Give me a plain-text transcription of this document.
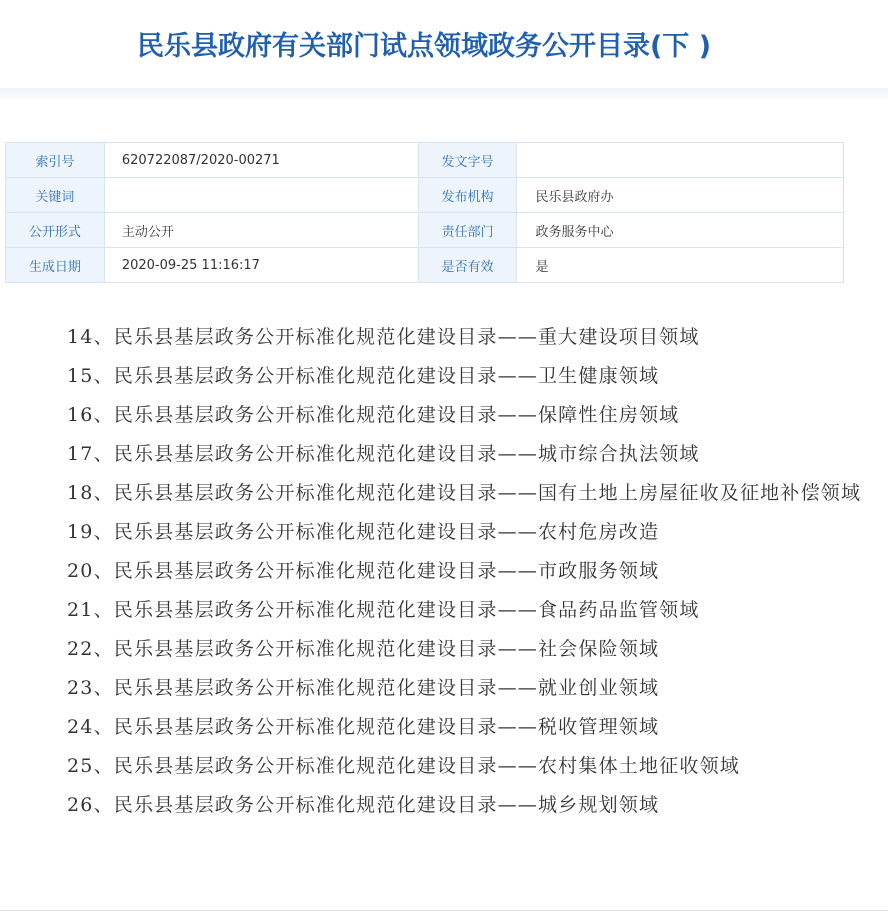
民乐县政府有关部门试点领域政务公开目录(下 )
索引号	620722087/2020-00271	发文字号	
关键词		发布机构	民乐县政府办
公开形式	主动公开	责任部门	政务服务中心
生成日期	2020-09-25 11:16:17	是否有效	是
14、民乐县基层政务公开标准化规范化建设目录——重大建设项目领域
15、民乐县基层政务公开标准化规范化建设目录——卫生健康领域
16、民乐县基层政务公开标准化规范化建设目录——保障性住房领域
17、民乐县基层政务公开标准化规范化建设目录——城市综合执法领域
18、民乐县基层政务公开标准化规范化建设目录——国有土地上房屋征收及征地补偿领域
19、民乐县基层政务公开标准化规范化建设目录——农村危房改造
20、民乐县基层政务公开标准化规范化建设目录——市政服务领域
21、民乐县基层政务公开标准化规范化建设目录——食品药品监管领域
22、民乐县基层政务公开标准化规范化建设目录——社会保险领域
23、民乐县基层政务公开标准化规范化建设目录——就业创业领域
24、民乐县基层政务公开标准化规范化建设目录——税收管理领域
25、民乐县基层政务公开标准化规范化建设目录——农村集体土地征收领域
26、民乐县基层政务公开标准化规范化建设目录——城乡规划领域
